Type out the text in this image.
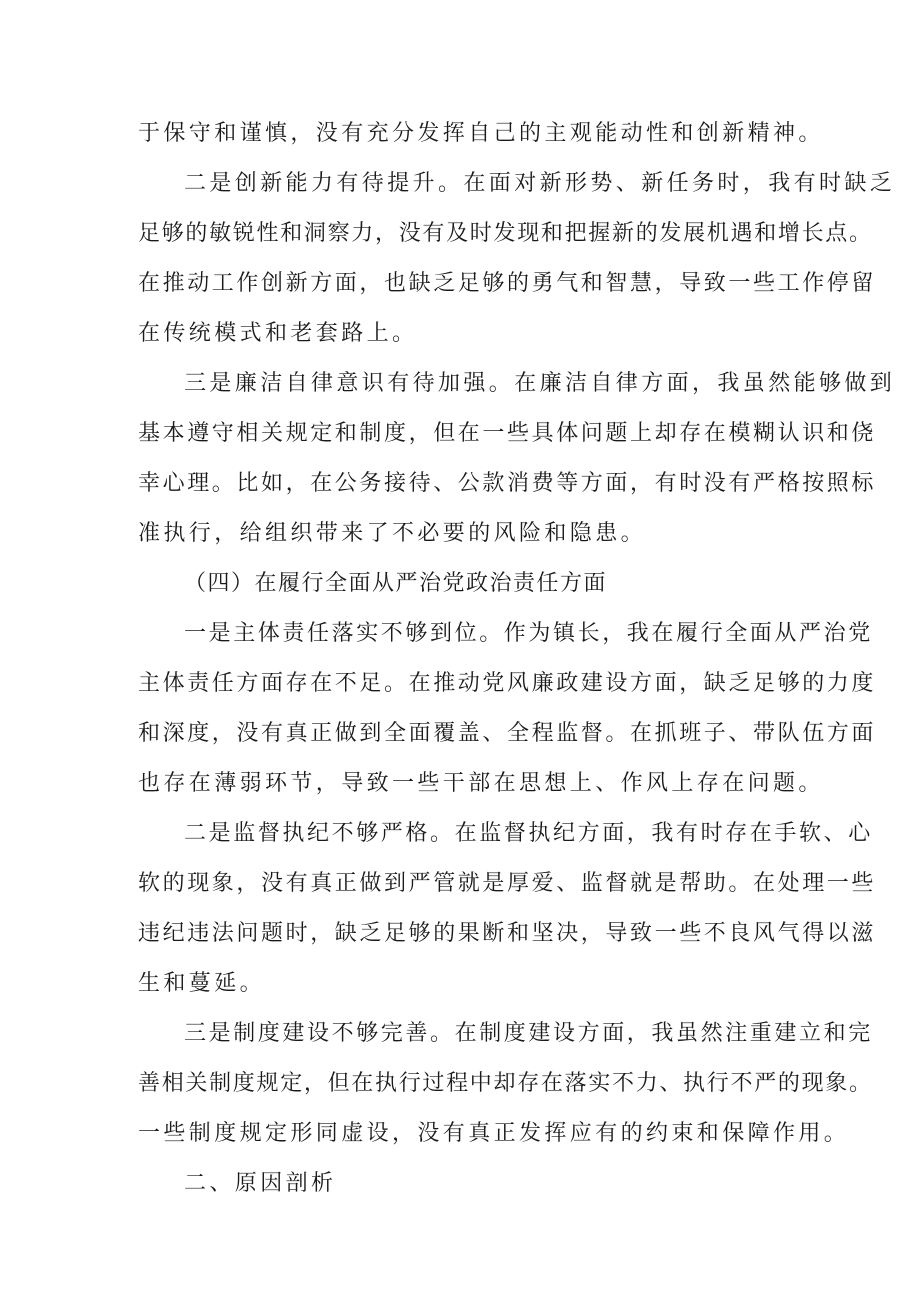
于保守和谨慎，没有充分发挥自己的主观能动性和创新精神。
二是创新能力有待提升。在面对新形势、新任务时，我有时缺乏
足够的敏锐性和洞察力，没有及时发现和把握新的发展机遇和增长点。
在推动工作创新方面，也缺乏足够的勇气和智慧，导致一些工作停留
在传统模式和老套路上。
三是廉洁自律意识有待加强。在廉洁自律方面，我虽然能够做到
基本遵守相关规定和制度，但在一些具体问题上却存在模糊认识和侥
幸心理。比如，在公务接待、公款消费等方面，有时没有严格按照标
准执行，给组织带来了不必要的风险和隐患。
（四）在履行全面从严治党政治责任方面
一是主体责任落实不够到位。作为镇长，我在履行全面从严治党
主体责任方面存在不足。在推动党风廉政建设方面，缺乏足够的力度
和深度，没有真正做到全面覆盖、全程监督。在抓班子、带队伍方面
也存在薄弱环节，导致一些干部在思想上、作风上存在问题。
二是监督执纪不够严格。在监督执纪方面，我有时存在手软、心
软的现象，没有真正做到严管就是厚爱、监督就是帮助。在处理一些
违纪违法问题时，缺乏足够的果断和坚决，导致一些不良风气得以滋
生和蔓延。
三是制度建设不够完善。在制度建设方面，我虽然注重建立和完
善相关制度规定，但在执行过程中却存在落实不力、执行不严的现象。
一些制度规定形同虚设，没有真正发挥应有的约束和保障作用。
二、原因剖析
